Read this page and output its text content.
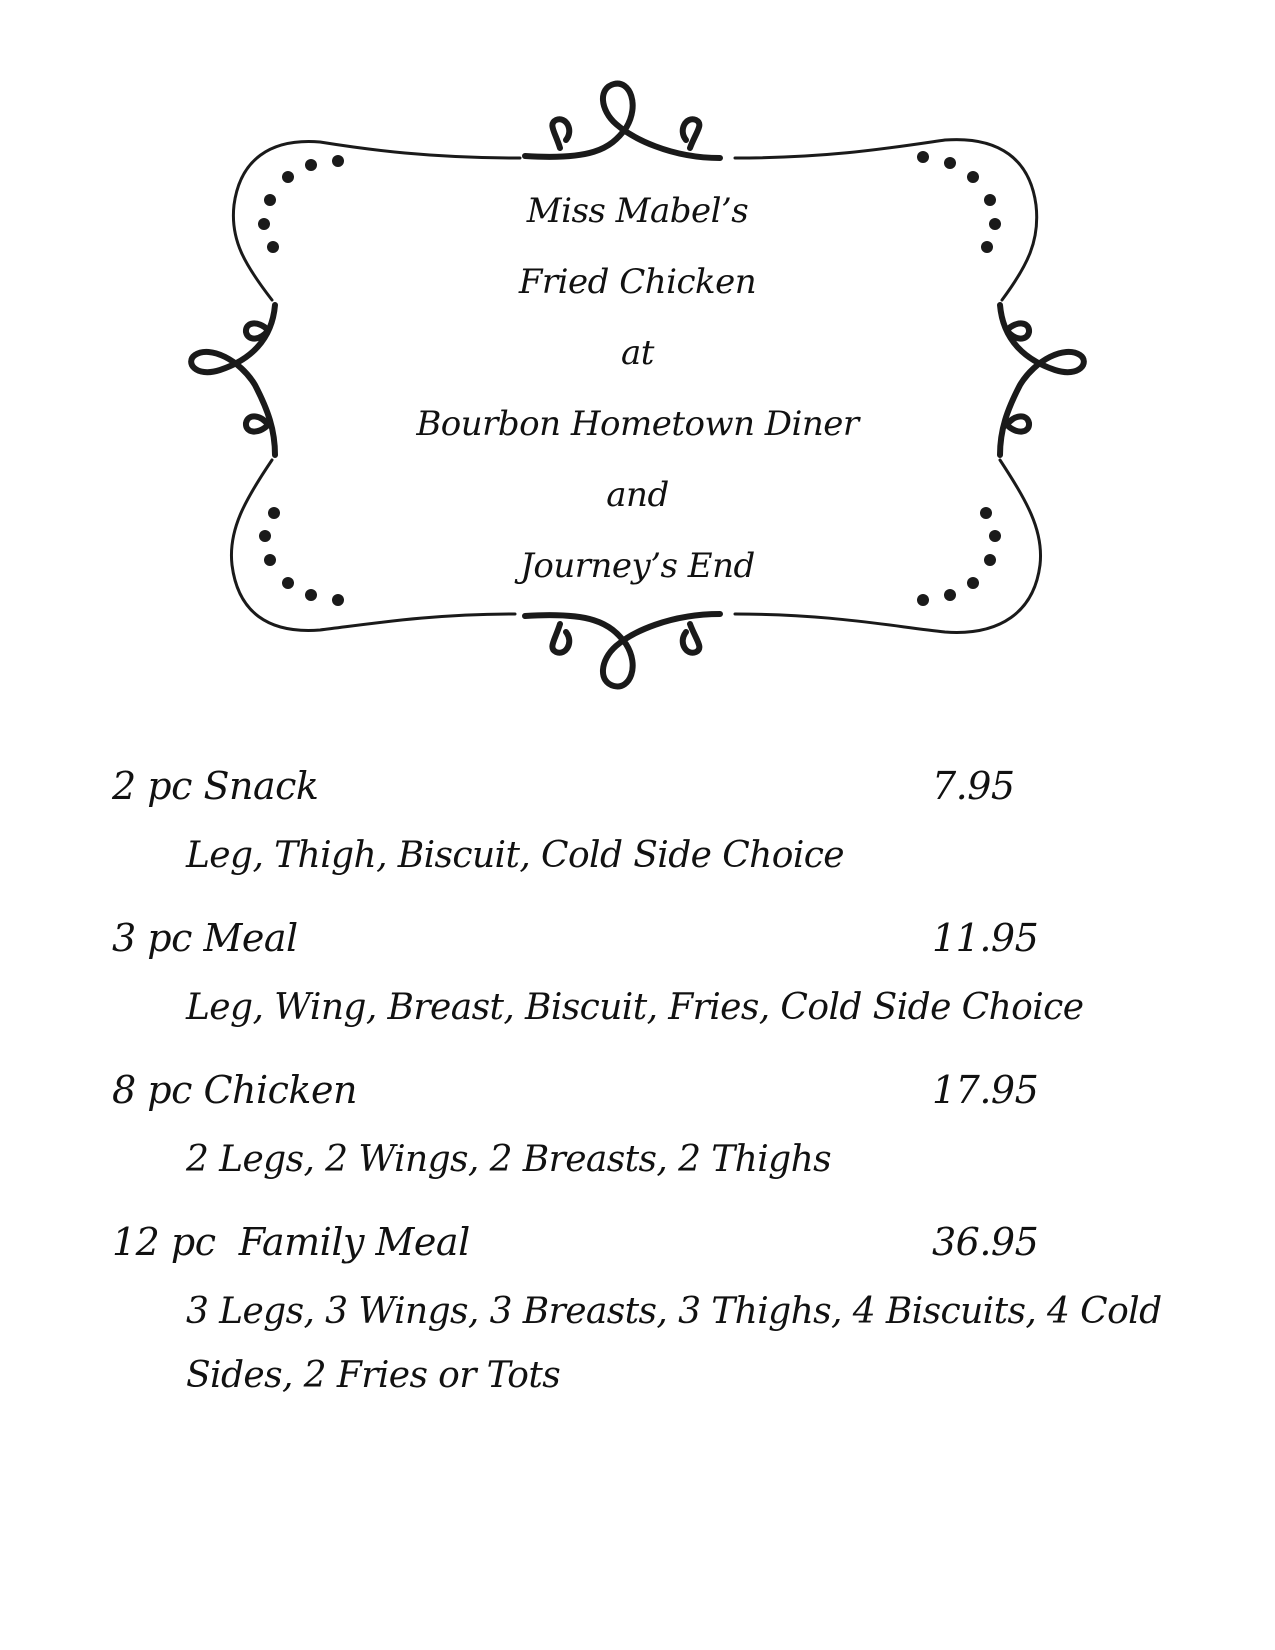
Miss Mabel’s
Fried Chicken
at
Bourbon Hometown Diner
and
Journey’s End
2 pc Snack	7.95
Leg, Thigh, Biscuit, Cold Side Choice
3 pc Meal	11.95
Leg, Wing, Breast, Biscuit, Fries, Cold Side Choice
8 pc Chicken	17.95
2 Legs, 2 Wings, 2 Breasts, 2 Thighs
12 pc  Family Meal	36.95
3 Legs, 3 Wings, 3 Breasts, 3 Thighs, 4 Biscuits, 4 Cold Sides, 2 Fries or Tots
